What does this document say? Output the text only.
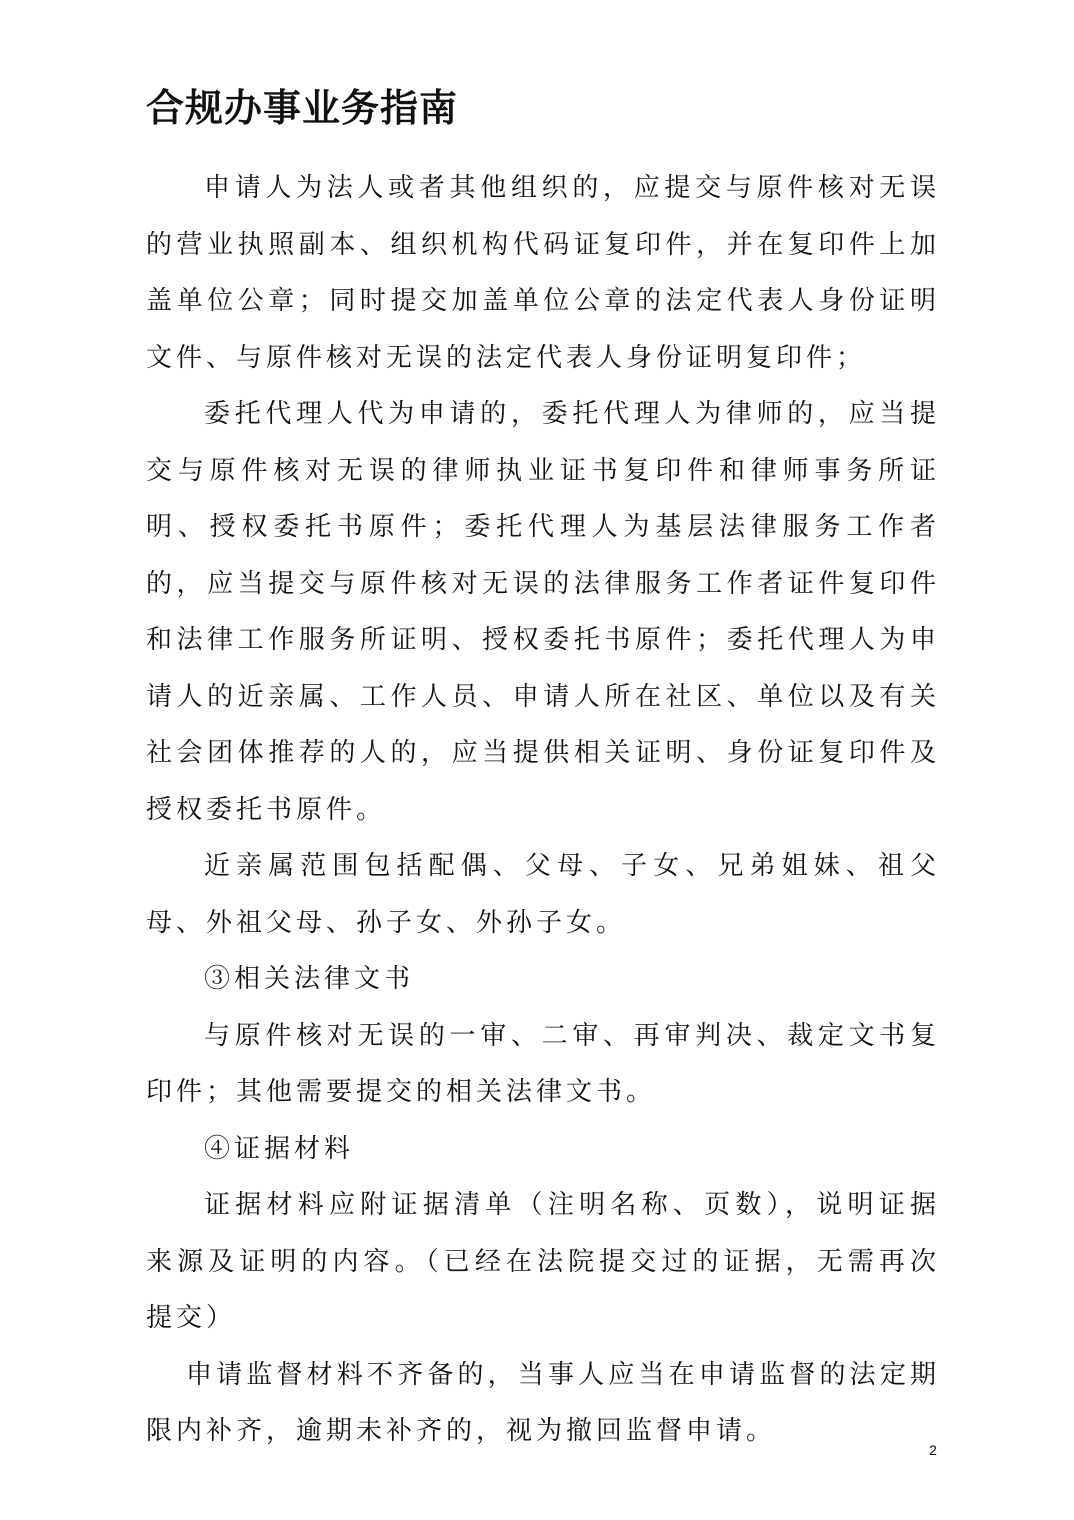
合规办事业务指南

申请人为法人或者其他组织的，应提交与原件核对无误的营业执照副本、组织机构代码证复印件，并在复印件上加盖单位公章；同时提交加盖单位公章的法定代表人身份证明文件、与原件核对无误的法定代表人身份证明复印件；

委托代理人代为申请的，委托代理人为律师的，应当提交与原件核对无误的律师执业证书复印件和律师事务所证明、授权委托书原件；委托代理人为基层法律服务工作者的，应当提交与原件核对无误的法律服务工作者证件复印件和法律工作服务所证明、授权委托书原件；委托代理人为申请人的近亲属、工作人员、申请人所在社区、单位以及有关社会团体推荐的人的，应当提供相关证明、身份证复印件及授权委托书原件。

近亲属范围包括配偶、父母、子女、兄弟姐妹、祖父母、外祖父母、孙子女、外孙子女。

③相关法律文书

与原件核对无误的一审、二审、再审判决、裁定文书复印件；其他需要提交的相关法律文书。

④证据材料

证据材料应附证据清单（注明名称、页数），说明证据来源及证明的内容。（已经在法院提交过的证据，无需再次提交）

申请监督材料不齐备的，当事人应当在申请监督的法定期限内补齐，逾期未补齐的，视为撤回监督申请。

2
